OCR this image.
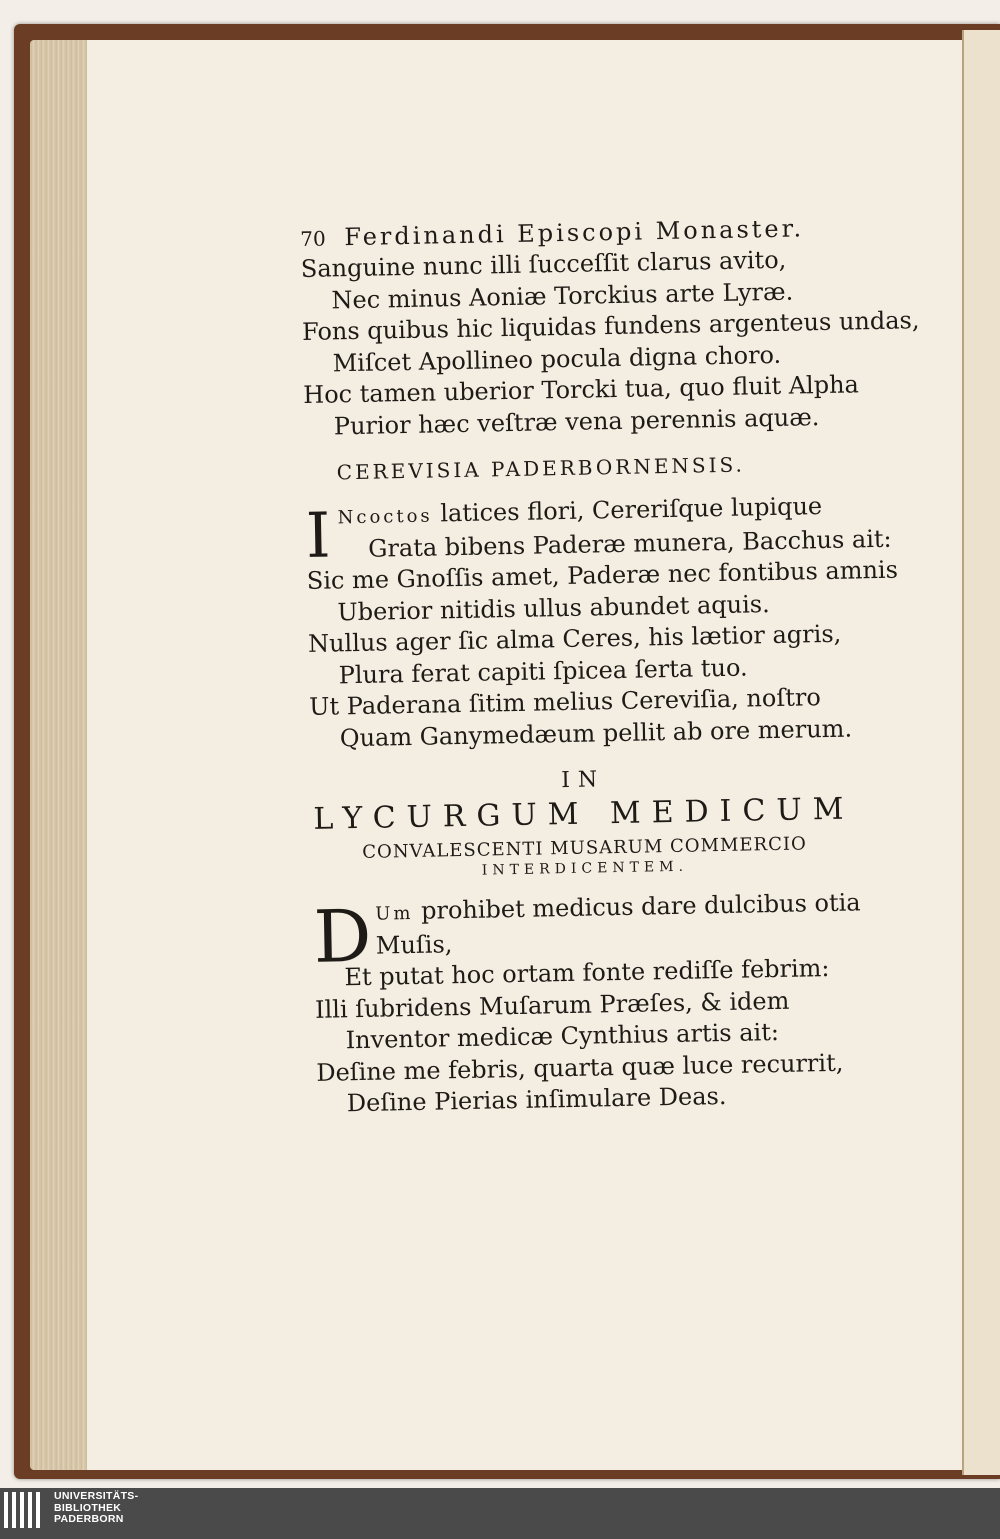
70 Ferdinandi Episcopi Monaster.
Sanguine nunc illi ſucceſſit clarus avito,
Nec minus Aoniæ Torckius arte Lyræ.
Fons quibus hic liquidas fundens argenteus undas,
Miſcet Apollineo pocula digna choro.
Hoc tamen uberior Torcki tua, quo fluit Alpha
Purior hæc veſtræ vena perennis aquæ.
CEREVISIA PADERBORNENSIS.
I Ncoctos latices flori, Cereriſque lupique
Grata bibens Paderæ munera, Bacchus ait:
Sic me Gnoſſis amet, Paderæ nec fontibus amnis
Uberior nitidis ullus abundet aquis.
Nullus ager ſic alma Ceres, his lætior agris,
Plura ferat capiti ſpicea ſerta tuo.
Ut Paderana ſitim melius Cereviſia, noſtro
Quam Ganymedæum pellit ab ore merum.
IN
LYCURGUM MEDICUM
CONVALESCENTI MUSARUM COMMERCIO
INTERDICENTEM.
D Um prohibet medicus dare dulcibus otia
Muſis,
Et putat hoc ortam fonte rediſſe febrim:
Illi ſubridens Muſarum Præſes, & idem
Inventor medicæ Cynthius artis ait:
Deſine me febris, quarta quæ luce recurrit,
Deſine Pierias inſimulare Deas.
UNIVERSITÄTS-
BIBLIOTHEK
PADERBORN
